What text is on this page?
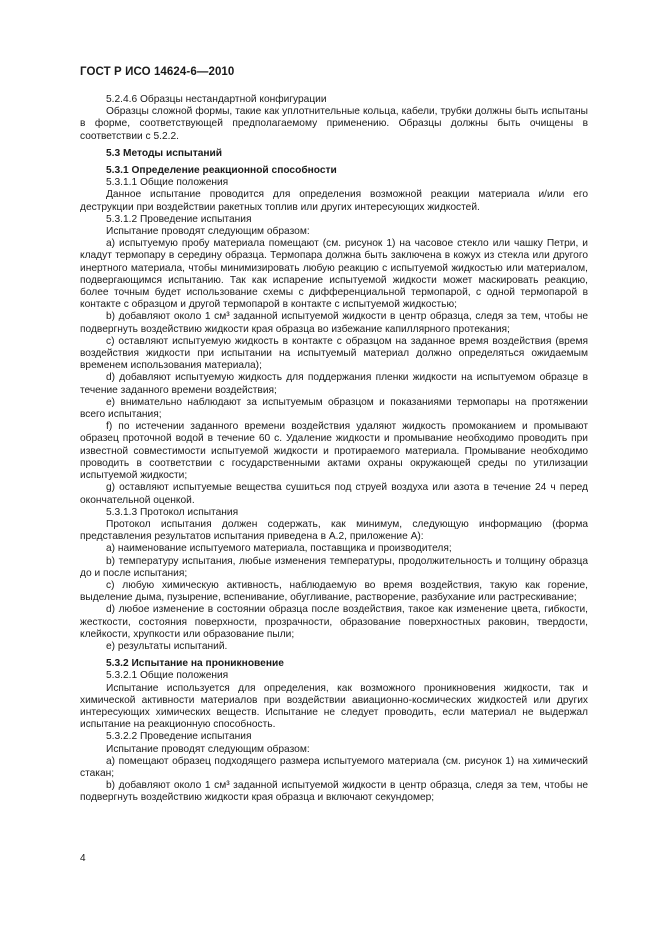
ГОСТ Р ИСО 14624-6—2010

5.2.4.6 Образцы нестандартной конфигурации

Образцы сложной формы, такие как уплотнительные кольца, кабели, трубки должны быть испытаны в форме, соответствующей предполагаемому применению. Образцы должны быть очищены в соответствии с 5.2.2.

5.3 Методы испытаний

5.3.1 Определение реакционной способности

5.3.1.1 Общие положения

Данное испытание проводится для определения возможной реакции материала и/или его деструкции при воздействии ракетных топлив или других интересующих жидкостей.

5.3.1.2 Проведение испытания

Испытание проводят следующим образом:

a) испытуемую пробу материала помещают (см. рисунок 1) на часовое стекло или чашку Петри, и кладут термопару в середину образца. Термопара должна быть заключена в кожух из стекла или другого инертного материала, чтобы минимизировать любую реакцию с испытуемой жидкостью или материалом, подвергающимся испытанию. Так как испарение испытуемой жидкости может маскировать реакцию, более точным будет использование схемы с дифференциальной термопарой, с одной термопарой в контакте с образцом и другой термопарой в контакте с испытуемой жидкостью;

b) добавляют около 1 см³ заданной испытуемой жидкости в центр образца, следя за тем, чтобы не подвергнуть воздействию жидкости края образца во избежание капиллярного протекания;

c) оставляют испытуемую жидкость в контакте с образцом на заданное время воздействия (время воздействия жидкости при испытании на испытуемый материал должно определяться ожидаемым временем использования материала);

d) добавляют испытуемую жидкость для поддержания пленки жидкости на испытуемом образце в течение заданного времени воздействия;

e) внимательно наблюдают за испытуемым образцом и показаниями термопары на протяжении всего испытания;

f) по истечении заданного времени воздействия удаляют жидкость промоканием и промывают образец проточной водой в течение 60 с. Удаление жидкости и промывание необходимо проводить при известной совместимости испытуемой жидкости и протираемого материала. Промывание необходимо проводить в соответствии с государственными актами охраны окружающей среды по утилизации испытуемой жидкости;

g) оставляют испытуемые вещества сушиться под струей воздуха или азота в течение 24 ч перед окончательной оценкой.

5.3.1.3 Протокол испытания

Протокол испытания должен содержать, как минимум, следующую информацию (форма представления результатов испытания приведена в А.2, приложение А):

a) наименование испытуемого материала, поставщика и производителя;

b) температуру испытания, любые изменения температуры, продолжительность и толщину образца до и после испытания;

c) любую химическую активность, наблюдаемую во время воздействия, такую как горение, выделение дыма, пузырение, вспенивание, обугливание, растворение, разбухание или растрескивание;

d) любое изменение в состоянии образца после воздействия, такое как изменение цвета, гибкости, жесткости, состояния поверхности, прозрачности, образование поверхностных раковин, твердости, клейкости, хрупкости или образование пыли;

e) результаты испытаний.

5.3.2 Испытание на проникновение

5.3.2.1 Общие положения

Испытание используется для определения, как возможного проникновения жидкости, так и химической активности материалов при воздействии авиационно-космических жидкостей или других интересующих химических веществ. Испытание не следует проводить, если материал не выдержал испытание на реакционную способность.

5.3.2.2 Проведение испытания

Испытание проводят следующим образом:

a) помещают образец подходящего размера испытуемого материала (см. рисунок 1) на химический стакан;

b) добавляют около 1 см³ заданной испытуемой жидкости в центр образца, следя за тем, чтобы не подвергнуть воздействию жидкости края образца и включают секундомер;

4
